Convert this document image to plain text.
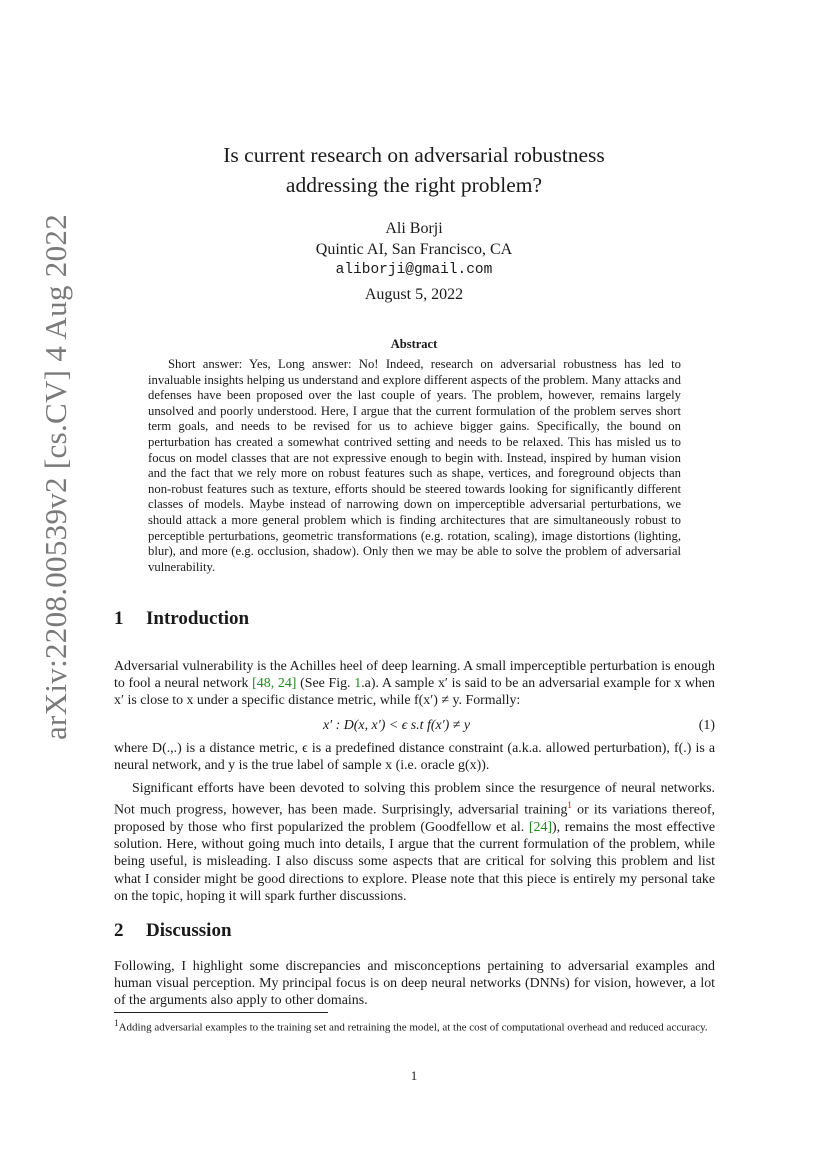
arXiv:2208.00539v2 [cs.CV] 4 Aug 2022
Is current research on adversarial robustness
addressing the right problem?
Ali Borji
Quintic AI, San Francisco, CA
aliborji@gmail.com
August 5, 2022
Abstract

Short answer: Yes, Long answer: No! Indeed, research on adversarial robustness has led to invaluable insights helping us understand and explore different aspects of the problem. Many attacks and defenses have been proposed over the last couple of years. The problem, however, remains largely unsolved and poorly understood. Here, I argue that the current formulation of the problem serves short term goals, and needs to be revised for us to achieve bigger gains. Specifically, the bound on perturbation has created a somewhat contrived setting and needs to be relaxed. This has misled us to focus on model classes that are not expressive enough to begin with. Instead, inspired by human vision and the fact that we rely more on robust features such as shape, vertices, and foreground objects than non-robust features such as texture, efforts should be steered towards looking for significantly different classes of models. Maybe instead of narrowing down on imperceptible adversarial perturbations, we should attack a more general problem which is finding architectures that are simultaneously robust to perceptible perturbations, geometric transformations (e.g. rotation, scaling), image distortions (lighting, blur), and more (e.g. occlusion, shadow). Only then we may be able to solve the problem of adversarial vulnerability.

1 Introduction

Adversarial vulnerability is the Achilles heel of deep learning. A small imperceptible perturbation is enough to fool a neural network [48, 24] (See Fig. 1.a). A sample x′ is said to be an adversarial example for x when x′ is close to x under a specific distance metric, while f(x′) ≠ y. Formally:

x′ : D(x, x′) < ϵ s.t f(x′) ≠ y	(1)

where D(.,.) is a distance metric, ϵ is a predefined distance constraint (a.k.a. allowed perturbation), f(.) is a neural network, and y is the true label of sample x (i.e. oracle g(x)).

Significant efforts have been devoted to solving this problem since the resurgence of neural networks. Not much progress, however, has been made. Surprisingly, adversarial training$^1$ or its variations thereof, proposed by those who first popularized the problem (Goodfellow et al. [24]), remains the most effective solution. Here, without going much into details, I argue that the current formulation of the problem, while being useful, is misleading. I also discuss some aspects that are critical for solving this problem and list what I consider might be good directions to explore. Please note that this piece is entirely my personal take on the topic, hoping it will spark further discussions.

2 Discussion

Following, I highlight some discrepancies and misconceptions pertaining to adversarial examples and human visual perception. My principal focus is on deep neural networks (DNNs) for vision, however, a lot of the arguments also apply to other domains.

$^1$Adding adversarial examples to the training set and retraining the model, at the cost of computational overhead and reduced accuracy.

1
